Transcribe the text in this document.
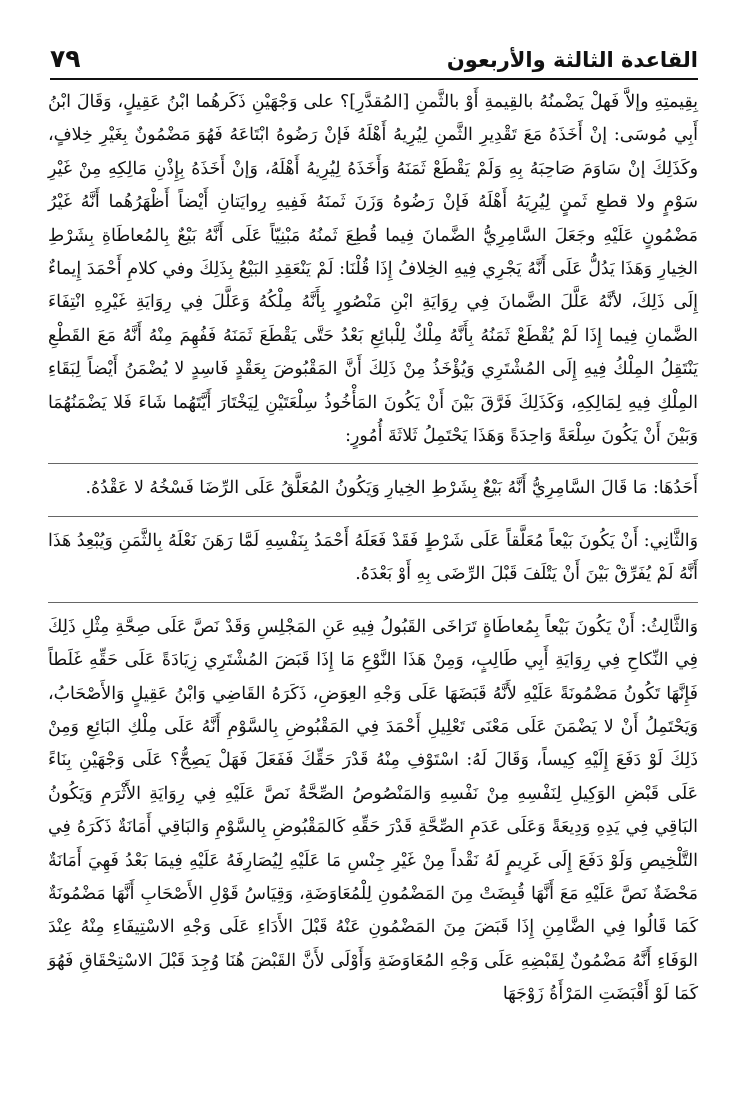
القاعدة الثالثة والأربعون
٧٩

بِقِيمتِهِ وإلاَّ فَهلْ يَضْمنُهُ بالقِيمةِ أَوْ بالثَّمنِ [المُقدَّرِ]؟ على وَجْهَيْنِ ذَكَرهُما ابْنُ عَقِيلٍ، وَقَالَ ابْنُ أَبِي مُوسَى: إنْ أَخَذَهُ مَعَ تَقْدِيرِ الثَّمنِ لِيُرِيهُ أَهْلَهُ فَإنْ رَضُوهُ ابْتَاعَهُ فَهُوَ مَضْمُونٌ بِغَيْرِ خِلافٍ، وكَذَلِكَ إنْ سَاوَمَ صَاحِبَهُ بِهِ وَلَمْ يَقْطَعْ ثَمَنَهُ وَأَخَذَهُ لِيُرِيهُ أَهْلَهُ، وَإنْ أَخَذَهُ بِإِذْنِ مَالِكِهِ مِنْ غَيْرِ سَوْمٍ ولا قطعِ ثَمنٍ لِيُرِيَهُ أَهْلَهُ فَإنْ رَضُوهُ وَزَنَ ثَمنَهُ فَفِيهِ رِوايَتانِ أَيْضاً أَظْهَرُهُما أَنَّهُ غَيْرُ مَضْمُونٍ عَلَيْهِ وجَعَلَ السَّامِرِيُّ الضَّمانَ فِيما قُطِعَ ثَمنُهُ مَبْنِيّاً عَلَى أَنَّهُ بَيْعٌ بِالمُعاطَاةِ بِشَرْطِ الخِيارِ وَهَذَا يَدُلُّ عَلَى أَنَّهُ يَجْرِي فِيهِ الخِلافُ إِذَا قُلْنَا: لَمْ يَنْعَقِدِ البَيْعُ بِذَلِكَ وفي كلامِ أَحْمَدَ إِيماءٌ إِلَى ذَلِكَ، لأنَّهُ عَلَّلَ الضَّمانَ فِي رِوَايَةِ ابْنِ مَنْصُورٍ بِأَنَّهُ مِلْكُهُ وَعَلَّلَ فِي رِوَايَةِ غَيْرِهِ انْتِفَاءَ الضَّمانِ فِيما إِذَا لَمْ يُقْطَعْ ثَمَنُهُ بِأَنَّهُ مِلْكٌ لِلْبائِعِ بَعْدُ حَتَّى يَقْطَعَ ثَمَنَهُ فَفُهِمَ مِنْهُ أَنَّهُ مَعَ القَطْعِ يَنْتَقِلُ المِلْكُ فِيهِ إِلَى المُشْتَرِي وَيُؤْخَذُ مِنْ ذَلِكَ أَنَّ المَقْبُوضَ بِعَقْدٍ فَاسِدٍ لا يُضْمَنُ أَيْضاً لِبَقَاءِ المِلْكِ فِيهِ لِمَالِكِهِ، وَكَذَلِكَ فَرَّقَ بَيْنَ أَنْ يَكُونَ المَأْخُوذُ سِلْعَتَيْنِ لِيَخْتَارَ أَيَّتَهُما شَاءَ فَلا يَضْمَنُهُمَا وَبَيْنَ أَنْ يَكُونَ سِلْعَةً وَاحِدَةً وَهَذَا يَحْتَمِلُ ثَلاثَةَ أُمُورٍ:

أَحَدُهَا: مَا قَالَ السَّامِرِيُّ أَنَّهُ بَيْعٌ بِشَرْطِ الخِيارِ وَيَكُونُ المُعَلَّقُ عَلَى الرِّضَا فَسْخُهُ لا عَقْدُهُ.

وَالثَّانِي: أَنْ يَكُونَ بَيْعاً مُعَلَّقاً عَلَى شَرْطٍ فَقَدْ فَعَلَهُ أَحْمَدُ بِنَفْسِهِ لَمَّا رَهَنَ نَعْلَهُ بِالثَّمَنِ وَيُبْعِدُ هَذَا أَنَّهُ لَمْ يُفَرِّقْ بَيْنَ أَنْ يَتْلَفَ قَبْلَ الرِّضَى بِهِ أَوْ بَعْدَهُ.

وَالثَّالِثُ: أَنْ يَكُونَ بَيْعاً بِمُعاطَاةٍ تَرَاخَى القَبُولُ فِيهِ عَنِ المَجْلِسِ وَقَدْ نَصَّ عَلَى صِحَّةِ مِثْلِ ذَلِكَ فِي النِّكاحِ فِي رِوَايَةِ أَبِي طَالِبٍ، وَمِنْ هَذَا النَّوْعِ مَا إِذَا قَبَضَ المُشْتَرِي زِيَادَةً عَلَى حَقِّهِ غَلَطاً فَإِنَّهَا تَكُونُ مَضْمُونَةً عَلَيْهِ لأَنَّهُ قَبَضَهَا عَلَى وَجْهِ العِوَضِ، ذَكَرَهُ القَاضِي وَابْنُ عَقِيلٍ وَالأَصْحَابُ، وَيَحْتَمِلُ أَنْ لا يَضْمَنَ عَلَى مَعْنَى تَعْلِيلِ أَحْمَدَ فِي المَقْبُوضِ بِالسَّوْمِ أَنَّهُ عَلَى مِلْكِ البَائِعِ وَمِنْ ذَلِكَ لَوْ دَفَعَ إِلَيْهِ كِيساً، وَقَالَ لَهُ: اسْتَوْفِ مِنْهُ قَدْرَ حَقِّكَ فَفَعَلَ فَهَلْ يَصِحُّ؟ عَلَى وَجْهَيْنِ بِنَاءً عَلَى قَبْضِ الوَكِيلِ لِنَفْسِهِ مِنْ نَفْسِهِ وَالمَنْصُوصُ الصِّحَّةُ نَصَّ عَلَيْهِ فِي رِوَايَةِ الأَثْرَمِ وَيَكُونُ البَاقِي فِي يَدِهِ وَدِيعَةً وَعَلَى عَدَمِ الصِّحَّةِ قَدْرَ حَقِّهِ كَالمَقْبُوضِ بِالسَّوْمِ وَالبَاقِي أَمَانَةٌ ذَكَرَهُ فِي التَّلْخِيصِ وَلَوْ دَفَعَ إِلَى غَرِيمٍ لَهُ نَقْداً مِنْ غَيْرِ جِنْسِ مَا عَلَيْهِ لِيُصَارِفَهُ عَلَيْهِ فِيمَا بَعْدُ فَهِيَ أَمَانَةٌ مَحْضَةٌ نَصَّ عَلَيْهِ مَعَ أَنَّهَا قُبِضَتْ مِنَ المَضْمُونِ لِلْمُعَاوَضَةِ، وَقِيَاسُ قَوْلِ الأَصْحَابِ أَنَّهَا مَضْمُونَةٌ كَمَا قَالُوا فِي الضَّامِنِ إِذَا قَبَضَ مِنَ المَضْمُونِ عَنْهُ قَبْلَ الأَدَاءِ عَلَى وَجْهِ الاسْتِيفَاءِ مِنْهُ عِنْدَ الوَفَاءِ أَنَّهُ مَضْمُونٌ لِقَبْضِهِ عَلَى وَجْهِ المُعَاوَضَةِ وَأَوْلَى لأَنَّ القَبْضَ هُنَا وُجِدَ قَبْلَ الاسْتِحْقَاقِ فَهُوَ كَمَا لَوْ أَقْبَضَتِ المَرْأَةُ زَوْجَهَا
